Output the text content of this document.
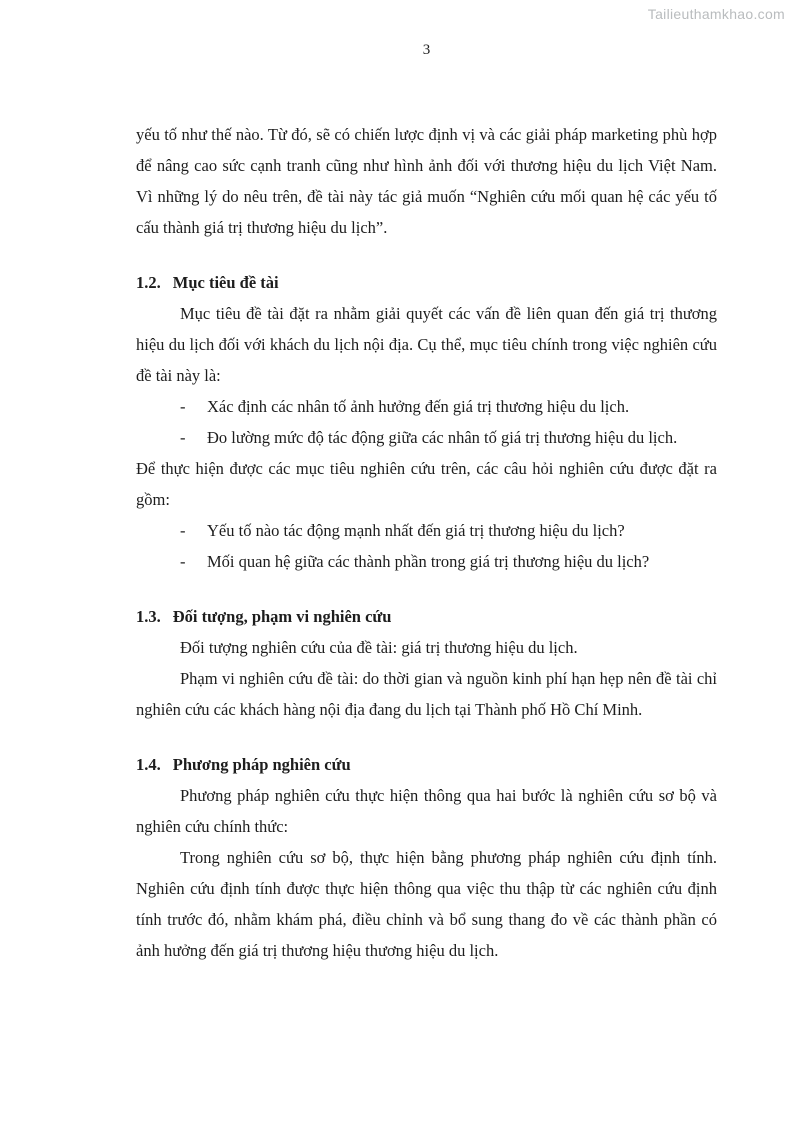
Tailieuthamkhao.com
3

yếu tố như thế nào. Từ đó, sẽ có chiến lược định vị và các giải pháp marketing phù hợp để nâng cao sức cạnh tranh cũng như hình ảnh đối với thương hiệu du lịch Việt Nam. Vì những lý do nêu trên, đề tài này tác giả muốn “Nghiên cứu mối quan hệ các yếu tố cấu thành giá trị thương hiệu du lịch”.

1.2. Mục tiêu đề tài

Mục tiêu đề tài đặt ra nhằm giải quyết các vấn đề liên quan đến giá trị thương hiệu du lịch đối với khách du lịch nội địa. Cụ thể, mục tiêu chính trong việc nghiên cứu đề tài này là:

- Xác định các nhân tố ảnh hưởng đến giá trị thương hiệu du lịch.
- Đo lường mức độ tác động giữa các nhân tố giá trị thương hiệu du lịch.

Để thực hiện được các mục tiêu nghiên cứu trên, các câu hỏi nghiên cứu được đặt ra gồm:

- Yếu tố nào tác động mạnh nhất đến giá trị thương hiệu du lịch?
- Mối quan hệ giữa các thành phần trong giá trị thương hiệu du lịch?

1.3. Đối tượng, phạm vi nghiên cứu

Đối tượng nghiên cứu của đề tài: giá trị thương hiệu du lịch.

Phạm vi nghiên cứu đề tài: do thời gian và nguồn kinh phí hạn hẹp nên đề tài chỉ nghiên cứu các khách hàng nội địa đang du lịch tại Thành phố Hồ Chí Minh.

1.4. Phương pháp nghiên cứu

Phương pháp nghiên cứu thực hiện thông qua hai bước là nghiên cứu sơ bộ và nghiên cứu chính thức:

Trong nghiên cứu sơ bộ, thực hiện bằng phương pháp nghiên cứu định tính. Nghiên cứu định tính được thực hiện thông qua việc thu thập từ các nghiên cứu định tính trước đó, nhằm khám phá, điều chỉnh và bổ sung thang đo về các thành phần có ảnh hưởng đến giá trị thương hiệu thương hiệu du lịch.
